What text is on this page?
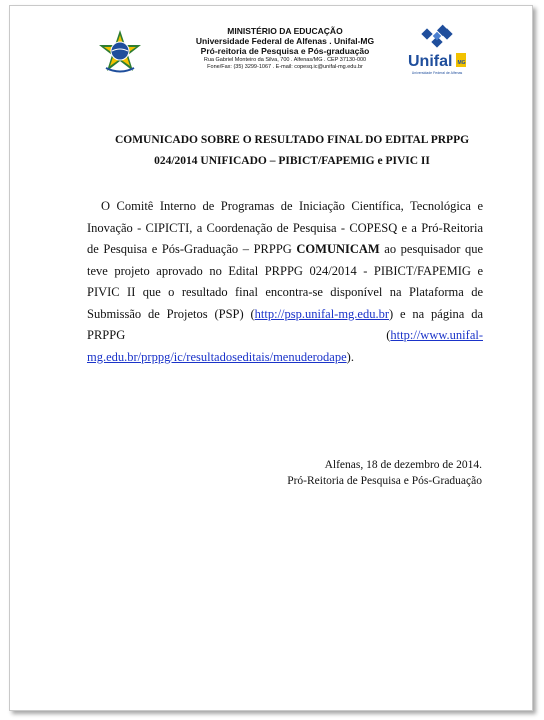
MINISTÉRIO DA EDUCAÇÃO
Universidade Federal de Alfenas . Unifal-MG
Pró-reitoria de Pesquisa e Pós-graduação
Rua Gabriel Monteiro da Silva, 700 . Alfenas/MG . CEP 37130-000
Fone/Fax: (35) 3299-1067 . E-mail: copesq.ic@unifal-mg.edu.br	Unifal MG
Universidade Federal de Alfenas
COMUNICADO SOBRE O RESULTADO FINAL DO EDITAL PRPPG
024/2014 UNIFICADO – PIBICT/FAPEMIG e PIVIC II
O Comitê Interno de Programas de Iniciação Científica, Tecnológica e Inovação - CIPICTI, a Coordenação de Pesquisa - COPESQ e a Pró-Reitoria de Pesquisa e Pós-Graduação – PRPPG COMUNICAM ao pesquisador que teve projeto aprovado no Edital PRPPG 024/2014 - PIBICT/FAPEMIG e PIVIC II que o resultado final encontra-se disponível na Plataforma de Submissão de Projetos (PSP) (http://psp.unifal-mg.edu.br) e na página da PRPPG (http://www.unifal-mg.edu.br/prppg/ic/resultadoseditais/menuderodape).
Alfenas, 18 de dezembro de 2014.
Pró-Reitoria de Pesquisa e Pós-Graduação
